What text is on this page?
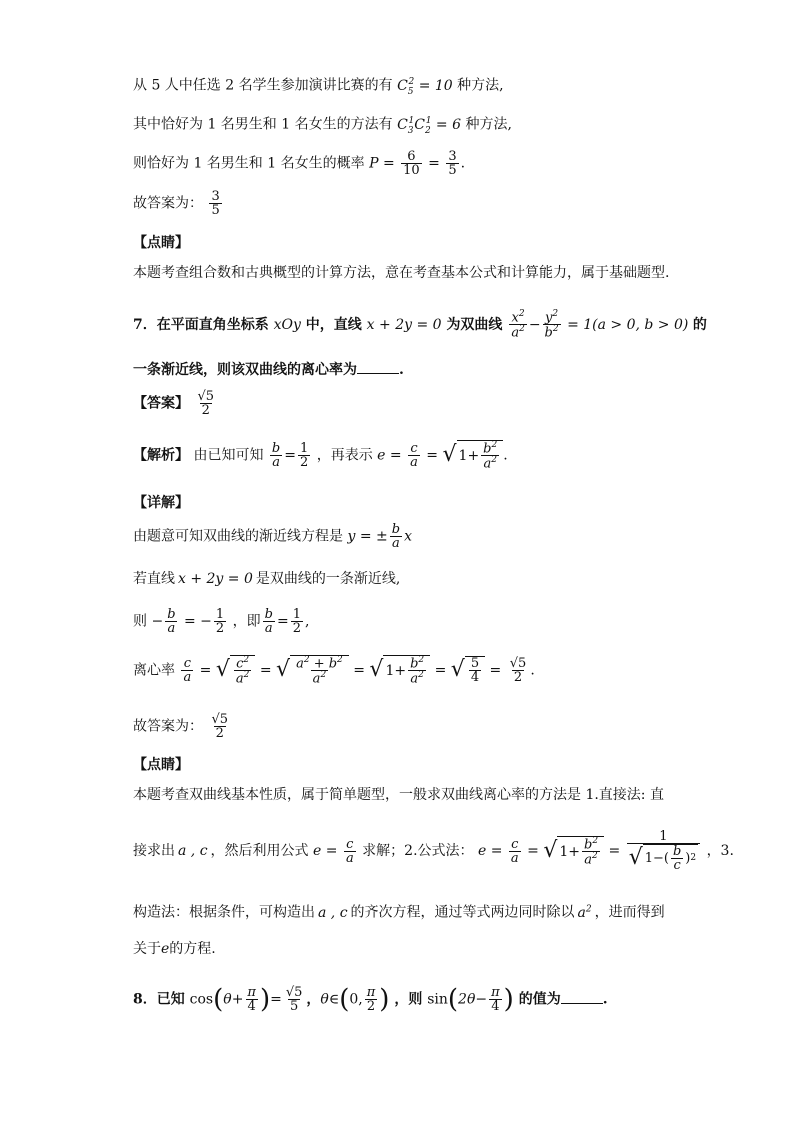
从 5 人中任选 2 名学生参加演讲比赛的有 $C_5^2 = 10$ 种方法,
其中恰好为 1 名男生和 1 名女生的方法有 $C_3^1C_2^1 = 6$ 种方法,
则恰好为 1 名男生和 1 名女生的概率 $P = \frac{6}{10} = \frac{3}{5}$ .
故答案为： $\frac{3}{5}$
【点睛】
本题考查组合数和古典概型的计算方法，意在考查基本公式和计算能力，属于基础题型.
7．在平面直角坐标系 xOy 中，直线 x + 2y = 0 为双曲线 $\frac{x^2}{a^2} - \frac{y^2}{b^2} = 1(a > 0$, b > 0) 的
一条渐近线，则该双曲线的离心率为	.
【答案】 $\frac{√5}{2}$
【解析】 由已知可知 $\frac{b}{a} = \frac{1}{2}$ ，再表示 $e = \frac{c}{a}$ = √ $1+ \frac{b^2}{a^2}$ .
【详解】
由题意可知双曲线的渐近线方程是 y = ± $\frac{b}{a}$ x
若直线 x + 2y = 0 是双曲线的一条渐近线,
则 − $\frac{b}{a}$ = − $\frac{1}{2}$ ，即 $\frac{b}{a} = \frac{1}{2}$ ,
离心率 $\frac{c}{a}$ = √ $\frac{c^2}{a^2}$ = √ $\frac{a^2 + b^2}{a^2}$ = √ $1+ \frac{b^2}{a^2}$ = √ $\frac{5}{4} = \frac{√5}{2}$ .
故答案为： $\frac{√5}{2}$
【点睛】
本题考查双曲线基本性质，属于简单题型，一般求双曲线离心率的方法是 1.直接法: 直
接求出 a , c ，然后利用公式 $e = \frac{c}{a}$ 求解；2.公式法： $e = \frac{c}{a}$ = √ $1+ \frac{b^2}{a^2} = \frac{1}{√ 1-( \frac{b}{c} ) 2}$ ，3.
构造法：根据条件，可构造出 a , c 的齐次方程，通过等式两边同时除以 $a^2$ ，进而得到
关于e的方程.
8．已知 $\cos(\theta+ \frac{\pi}{4}$ )= $\frac{√5}{5}$ ，θ∈(0, $\frac{\pi}{2}$ ) ，则 $\sin(2\theta- \frac{\pi}{4}$ ) 的值为	.
